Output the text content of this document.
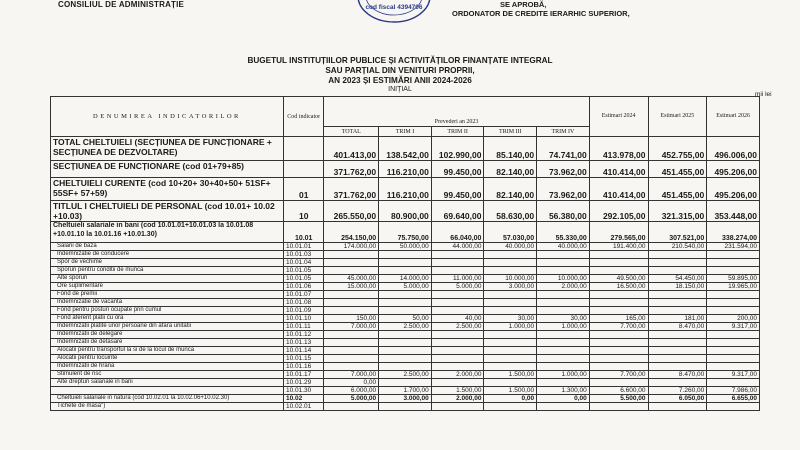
CONSILIUL DE ADMINISTRAȚIE	cod fiscal 4394706	SE APROBĂ,
ORDONATOR DE CREDITE IERARHIC SUPERIOR,
BUGETUL INSTITUȚIILOR PUBLICE ȘI ACTIVITĂȚILOR FINANȚATE INTEGRAL
SAU PARȚIAL DIN VENITURI PROPRII,
AN 2023 ȘI ESTIMĂRI ANII 2024-2026
INIȚIAL
mii lei
DENUMIREA INDICATORILOR	Cod indicator						Estimari 2024	Estimari 2025	Estimari 2026
		Prevederi an 2023							
		TOTAL	TRIM I	TRIM II	TRIM III	TRIM IV			
TOTAL CHELTUIELI (SECȚIUNEA DE FUNCȚIONARE + SECȚIUNEA DE DEZVOLTARE)		401.413,00	138.542,00	102.990,00	85.140,00	74.741,00	413.978,00	452.755,00	496.006,00
SECȚIUNEA DE FUNCȚIONARE (cod 01+79+85)		371.762,00	116.210,00	99.450,00	82.140,00	73.962,00	410.414,00	451.455,00	495.206,00
CHELTUIELI CURENTE (cod 10+20+ 30+40+50+ 51SF+ 55SF+ 57+59)	01	371.762,00	116.210,00	99.450,00	82.140,00	73.962,00	410.414,00	451.455,00	495.206,00
TITLUL I CHELTUIELI DE PERSONAL (cod 10.01+ 10.02 +10.03)	10	265.550,00	80.900,00	69.640,00	58.630,00	56.380,00	292.105,00	321.315,00	353.448,00
Cheltuieli salariale in bani (cod 10.01.01+10.01.03 la 10.01.08 +10.01.10 la 10.01.16 +10.01.30)	10.01	254.150,00	75.750,00	66.040,00	57.030,00	55.330,00	279.565,00	307.521,00	338.274,00
Salarii de baza	10.01.01	174.000,00	50.000,00	44.000,00	40.000,00	40.000,00	191.400,00	210.540,00	231.594,00
Indemnizatie de conducere	10.01.03								
Spor de vechime	10.01.04								
Sporuri pentru conditii de munca	10.01.05								
Alte sporuri	10.01.05	45.000,00	14.000,00	11.000,00	10.000,00	10.000,00	49.500,00	54.450,00	59.895,00
Ore suplimentare	10.01.06	15.000,00	5.000,00	5.000,00	3.000,00	2.000,00	16.500,00	18.150,00	19.965,00
Fond de premii	10.01.07								
Indemnizatie de vacanta	10.01.08								
Fond pentru posturi ocupate prin cumul	10.01.09								
Fond aferent platii cu ora	10.01.10	150,00	50,00	40,00	30,00	30,00	165,00	181,00	200,00
Indemnizatii platite unor persoane din afara unitatii	10.01.11	7.000,00	2.500,00	2.500,00	1.000,00	1.000,00	7.700,00	8.470,00	9.317,00
Indemnizatii de delegare	10.01.12								
Indemnizatii de detasare	10.01.13								
Alocatii pentru transportul la si de la locul de munca	10.01.14								
Alocatii pentru locuinte	10.01.15								
Indemnizatii de hrana	10.01.16								
Stimulent de risc	10.01.17	7.000,00	2.500,00	2.000,00	1.500,00	1.000,00	7.700,00	8.470,00	9.317,00
Alte drepturi salariale in bani	10.01.29	0,00							
	10.01.30	6.000,00	1.700,00	1.500,00	1.500,00	1.300,00	6.600,00	7.260,00	7.986,00
Cheltuieli salariale in natura (cod 10.02.01 la 10.02.06+10.02.30)	10.02	5.000,00	3.000,00	2.000,00	0,00	0,00	5.500,00	6.050,00	6.655,00
Tichete de masa")	10.02.01								
